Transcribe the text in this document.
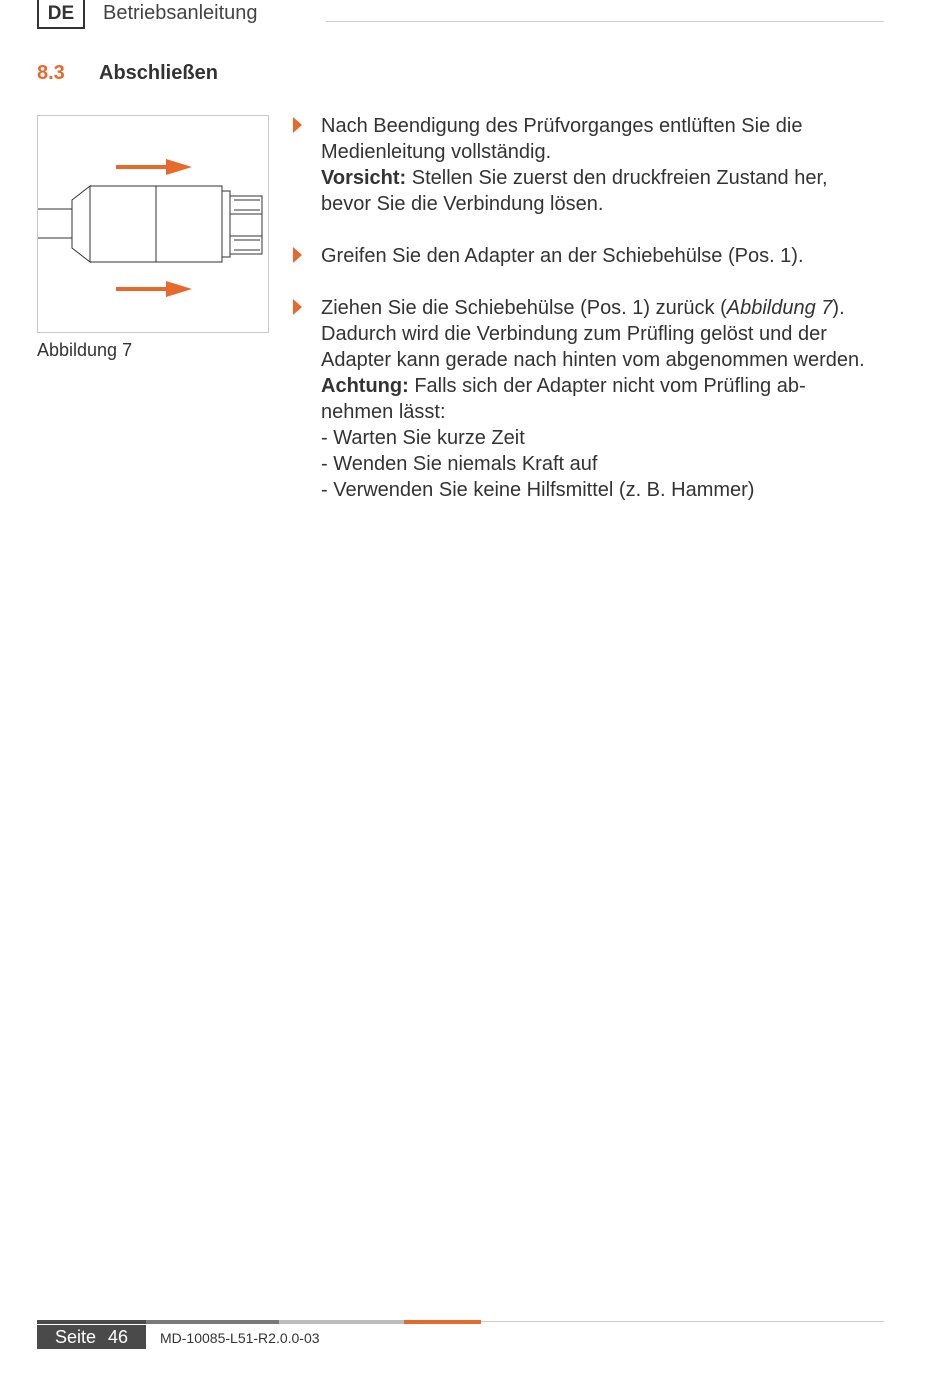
DE	Betriebsanleitung
8.3 Abschließen
Abbildung 7
Nach Beendigung des Prüfvorganges entlüften Sie die
Medienleitung vollständig.
Vorsicht: Stellen Sie zuerst den druckfreien Zustand her,
bevor Sie die Verbindung lösen.
Greifen Sie den Adapter an der Schiebehülse (Pos. 1).
Ziehen Sie die Schiebehülse (Pos. 1) zurück (Abbildung 7).
Dadurch wird die Verbindung zum Prüfling gelöst und der
Adapter kann gerade nach hinten vom abgenommen werden.
Achtung: Falls sich der Adapter nicht vom Prüfling ab-
nehmen lässt:
- Warten Sie kurze Zeit
- Wenden Sie niemals Kraft auf
- Verwenden Sie keine Hilfsmittel (z. B. Hammer)
Seite 46 MD-10085-L51-R2.0.0-03
